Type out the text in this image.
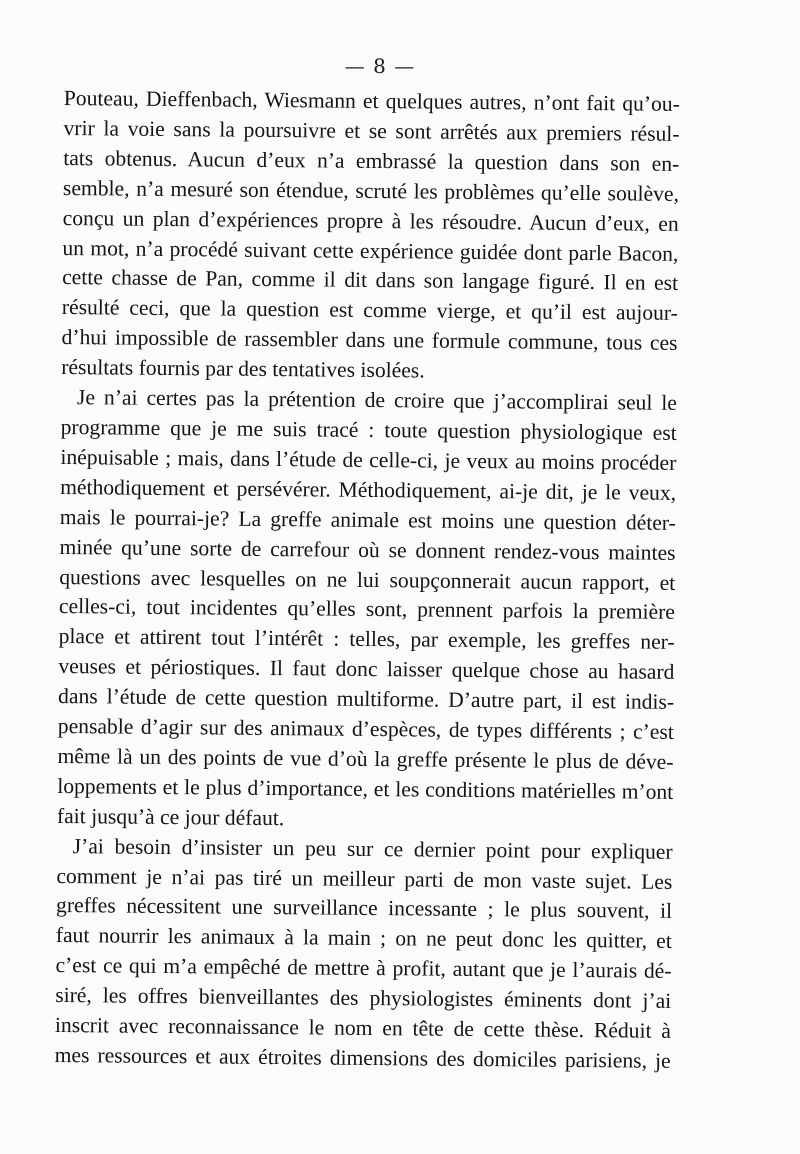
— 8 —
Pouteau, Dieffenbach, Wiesmann et quelques autres, n’ont fait qu’ou-
vrir la voie sans la poursuivre et se sont arrêtés aux premiers résul-
tats obtenus. Aucun d’eux n’a embrassé la question dans son en-
semble, n’a mesuré son étendue, scruté les problèmes qu’elle soulève,
conçu un plan d’expériences propre à les résoudre. Aucun d’eux, en
un mot, n’a procédé suivant cette expérience guidée dont parle Bacon,
cette chasse de Pan, comme il dit dans son langage figuré. Il en est
résulté ceci, que la question est comme vierge, et qu’il est aujour-
d’hui impossible de rassembler dans une formule commune, tous ces
résultats fournis par des tentatives isolées.
Je n’ai certes pas la prétention de croire que j’accomplirai seul le
programme que je me suis tracé : toute question physiologique est
inépuisable ; mais, dans l’étude de celle-ci, je veux au moins procéder
méthodiquement et persévérer. Méthodiquement, ai-je dit, je le veux,
mais le pourrai-je? La greffe animale est moins une question déter-
minée qu’une sorte de carrefour où se donnent rendez-vous maintes
questions avec lesquelles on ne lui soupçonnerait aucun rapport, et
celles-ci, tout incidentes qu’elles sont, prennent parfois la première
place et attirent tout l’intérêt : telles, par exemple, les greffes ner-
veuses et périostiques. Il faut donc laisser quelque chose au hasard
dans l’étude de cette question multiforme. D’autre part, il est indis-
pensable d’agir sur des animaux d’espèces, de types différents ; c’est
même là un des points de vue d’où la greffe présente le plus de déve-
loppements et le plus d’importance, et les conditions matérielles m’ont
fait jusqu’à ce jour défaut.
J’ai besoin d’insister un peu sur ce dernier point pour expliquer
comment je n’ai pas tiré un meilleur parti de mon vaste sujet. Les
greffes nécessitent une surveillance incessante ; le plus souvent, il
faut nourrir les animaux à la main ; on ne peut donc les quitter, et
c’est ce qui m’a empêché de mettre à profit, autant que je l’aurais dé-
siré, les offres bienveillantes des physiologistes éminents dont j’ai
inscrit avec reconnaissance le nom en tête de cette thèse. Réduit à
mes ressources et aux étroites dimensions des domiciles parisiens, je
